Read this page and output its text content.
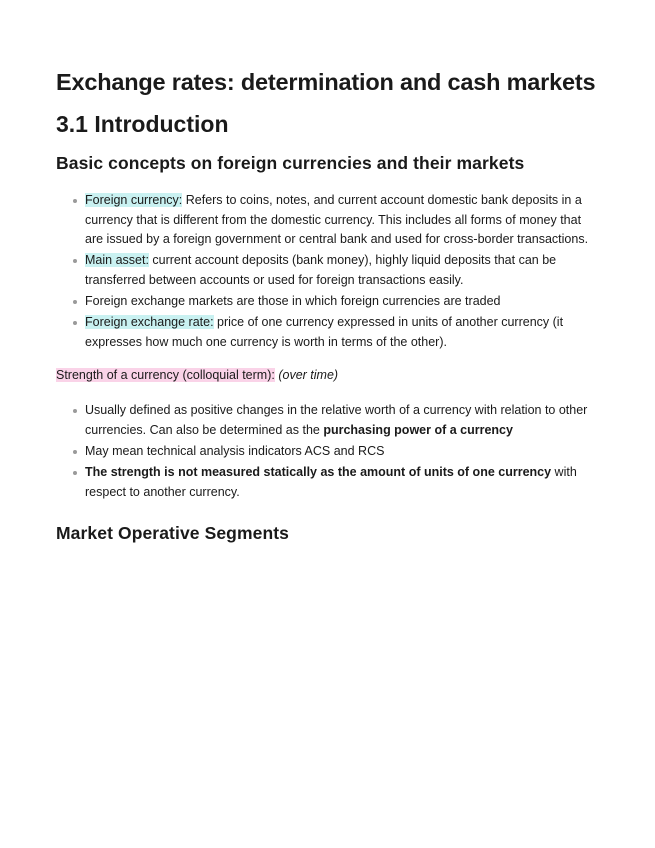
Exchange rates: determination and cash markets
3.1 Introduction
Basic concepts on foreign currencies and their markets
Foreign currency: Refers to coins, notes, and current account domestic bank deposits in a currency that is different from the domestic currency. This includes all forms of money that are issued by a foreign government or central bank and used for cross-border transactions.
Main asset: current account deposits (bank money), highly liquid deposits that can be transferred between accounts or used for foreign transactions easily.
Foreign exchange markets are those in which foreign currencies are traded
Foreign exchange rate: price of one currency expressed in units of another currency (it expresses how much one currency is worth in terms of the other).

Strength of a currency (colloquial term): (over time)

Usually defined as positive changes in the relative worth of a currency with relation to other currencies. Can also be determined as the purchasing power of a currency
May mean technical analysis indicators ACS and RCS
The strength is not measured statically as the amount of units of one currency with respect to another currency.
Market Operative Segments
